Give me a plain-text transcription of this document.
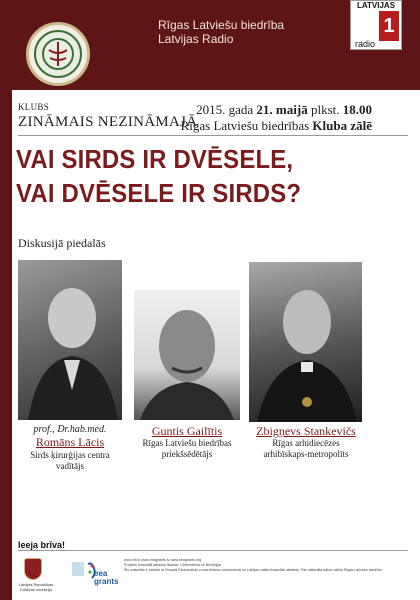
Rīgas Latviešu biedrība
Latvijas Radio
LATVIJAS
1
radio
KLUBS
ZINĀMAIS NEZINĀMAJĀ
2015. gada 21. maijā plkst. 18.00
Rīgas Latviešu biedrības Kluba zālē
VAI SIRDS IR DVĒSELE,
VAI DVĒSELE IR SIRDS?
Diskusijā piedalās
prof., Dr.hab.med.
Romāns Lācis
Sirds ķirurģijas centra
vadītājs
Guntis Gailītis
Rīgas Latviešu biedrības
priekšsēdētājs
Zbigņevs Stankevičs
Rīgas arhidiecēzes
arhibīskaps-metropolīts
Ieeja brīva!
Latvijas Republikas Kultūras ministrija
eea
grants
www.rlb.lv www.eeagrants.lv www.eeagrants.org
Projektu finansiāli atbalsta Islande, Lihtenšteina un Norvēģija
Šis materiāls ir veidots ar Eiropas Ekonomikas zonas finanšu instrumenta un Latvijas valsts finansiālu atbalstu. Par materiāla saturu atbild Rīgas Latviešu biedrība.
